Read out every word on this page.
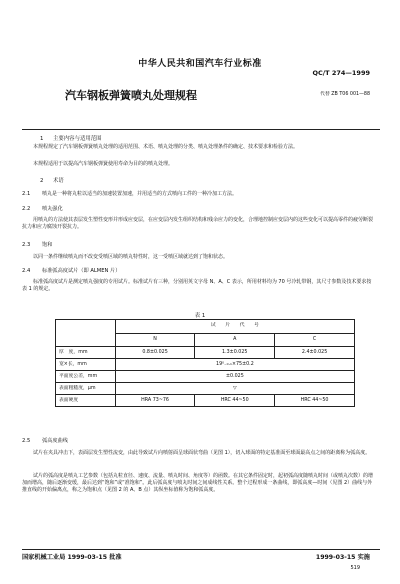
中华人民共和国汽车行业标准
QC/T 274—1999
汽车钢板弹簧喷丸处理规程	代替 ZB T06 001—88
1 主要内容与适用范围
本规程规定了汽车钢板弹簧喷丸处理的适用范围、术语、喷丸处理的分类、喷丸处理条件的确定、技术要求和检验方法。
本规程适用于以提高汽车钢板弹簧使用寿命为目的的喷丸处理。
2 术语
2.1 喷丸是一种将丸粒以适当的加速装置加速，并用适当的方式喷向工件的一种冷加工方法。
2.2 喷丸强化
用喷丸的方法使其表层发生塑性变形并形成应变层，在应变层内发生组织结构和残余应力的变化，合理地控制应变层内的这些变化可以提高零件的疲劳断裂抗力和应力腐蚀开裂抗力。
2.3 饱和
以同一条件继续喷丸而不改变受喷区域的喷丸特性时，这一受喷区域就达到了饱和状态。
2.4 标准弧高度试片（即 ALMEN 片）
标准弧高度试片是测定喷丸强度的专用试片。标准试片有三种，分别用英文字母 N、A、C 表示，所用材料均为 70 号冷轧带钢，其尺寸参数及技术要求按表 1 的规定。
表 1
	试　　片　　代　　号		
	N	A	C
厚　度，mm	0.8±0.025	1.3±0.025	2.4±0.025
宽×长，mm	19⁰₋₀.₁×75±0.2		
平面度公差，mm	±0.025		
表面粗糙度，μm	▽		
表面硬度	HRA 73~76	HRC 44~50	HRC 44~50
2.5 弧高度曲线
试片在夹具冲击下，表面层发生塑性流变，由此导致试片向喷射面呈球面状弯曲（见图 1），切入球面的特定基准面至球面最高点之间的距离称为弧高度。
试片的弧高度是喷丸工艺参数（包括丸粒直径、速度、流量、喷丸时间、角度等）的函数。在其它条件固定时，起初弧高度随喷丸时间（或喷丸次数）的增加而增高，随后逐渐变缓，最后达到“饱和”或“准饱和”。此后弧高度与喷丸时间之间成线性关系。整个过程形成一条曲线，即弧高度—时间（见图 2）曲线与外推直线的开始偏离点，称之为饱和点（见图 2 的 A、B 点）其纵坐标值称为饱和弧高度。
国家机械工业局 1999-03-15 批准	1999-03-15 实施
519
